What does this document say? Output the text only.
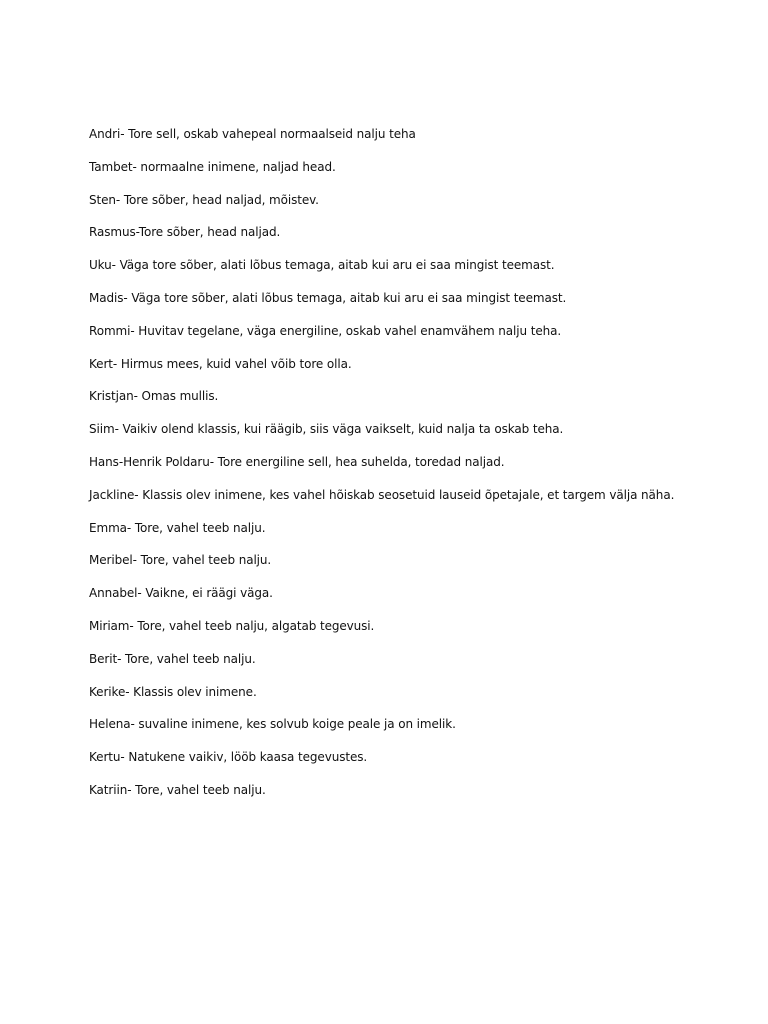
Andri- Tore sell, oskab vahepeal normaalseid nalju teha
Tambet- normaalne inimene, naljad head.
Sten- Tore sõber, head naljad, mõistev.
Rasmus-Tore sõber, head naljad.
Uku- Väga tore sõber, alati lõbus temaga, aitab kui aru ei saa mingist teemast.
Madis- Väga tore sõber, alati lõbus temaga, aitab kui aru ei saa mingist teemast.
Rommi- Huvitav tegelane, väga energiline, oskab vahel enamvähem nalju teha.
Kert- Hirmus mees, kuid vahel võib tore olla.
Kristjan- Omas mullis.
Siim- Vaikiv olend klassis, kui räägib, siis väga vaikselt, kuid nalja ta oskab teha.
Hans-Henrik Poldaru- Tore energiline sell, hea suhelda, toredad naljad.
Jackline- Klassis olev inimene, kes vahel hõiskab seosetuid lauseid õpetajale, et targem välja näha.
Emma- Tore, vahel teeb nalju.
Meribel- Tore, vahel teeb nalju.
Annabel- Vaikne, ei räägi väga.
Miriam- Tore, vahel teeb nalju, algatab tegevusi.
Berit- Tore, vahel teeb nalju.
Kerike- Klassis olev inimene.
Helena- suvaline inimene, kes solvub koige peale ja on imelik.
Kertu- Natukene vaikiv, lööb kaasa tegevustes.
Katriin- Tore, vahel teeb nalju.
